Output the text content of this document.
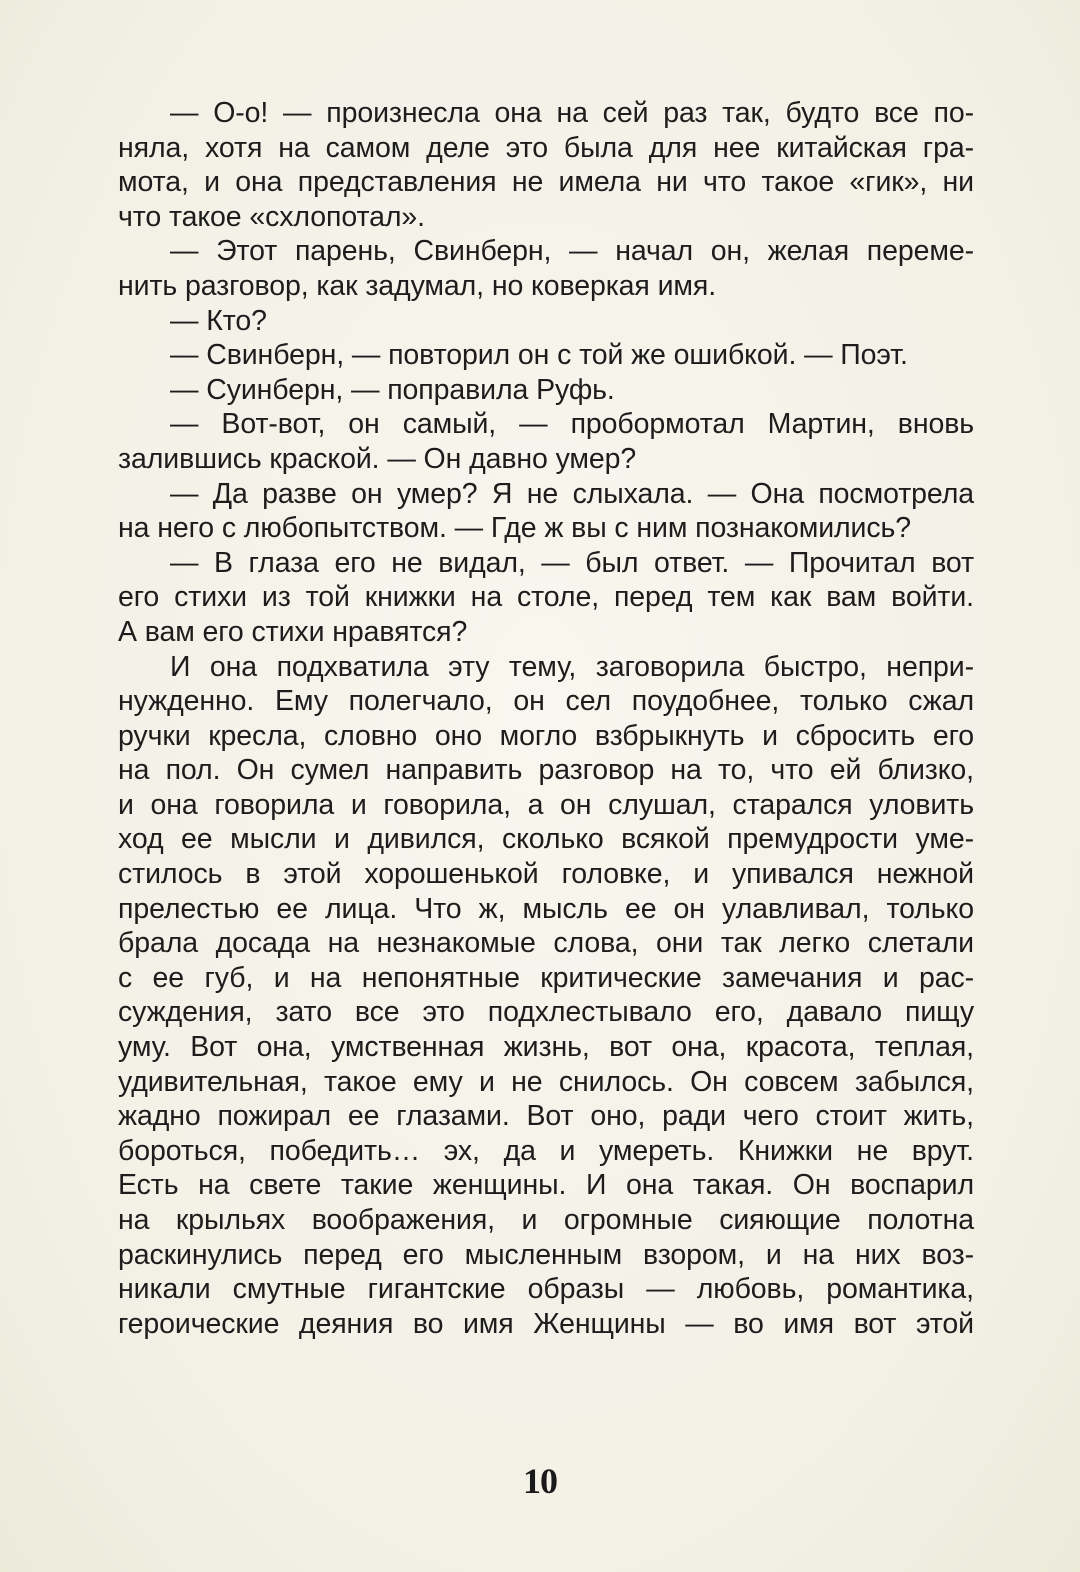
— О-о! — произнесла она на сей раз так, будто все по-
няла, хотя на самом деле это была для нее китайская гра-
мота, и она представления не имела ни что такое «гик», ни
что такое «схлопотал».
— Этот парень, Свинберн, — начал он, желая переме-
нить разговор, как задумал, но коверкая имя.
— Кто?
— Свинберн, — повторил он с той же ошибкой. — Поэт.
— Суинберн, — поправила Руфь.
— Вот-вот, он самый, — пробормотал Мартин, вновь
залившись краской. — Он давно умер?
— Да разве он умер? Я не слыхала. — Она посмотрела
на него с любопытством. — Где ж вы с ним познакомились?
— В глаза его не видал, — был ответ. — Прочитал вот
его стихи из той книжки на столе, перед тем как вам войти.
А вам его стихи нравятся?
И она подхватила эту тему, заговорила быстро, непри-
нужденно. Ему полегчало, он сел поудобнее, только сжал
ручки кресла, словно оно могло взбрыкнуть и сбросить его
на пол. Он сумел направить разговор на то, что ей близко,
и она говорила и говорила, а он слушал, старался уловить
ход ее мысли и дивился, сколько всякой премудрости уме-
стилось в этой хорошенькой головке, и упивался нежной
прелестью ее лица. Что ж, мысль ее он улавливал, только
брала досада на незнакомые слова, они так легко слетали
с ее губ, и на непонятные критические замечания и рас-
суждения, зато все это подхлестывало его, давало пищу
уму. Вот она, умственная жизнь, вот она, красота, теплая,
удивительная, такое ему и не снилось. Он совсем забылся,
жадно пожирал ее глазами. Вот оно, ради чего стоит жить,
бороться, победить… эх, да и умереть. Книжки не врут.
Есть на свете такие женщины. И она такая. Он воспарил
на крыльях воображения, и огромные сияющие полотна
раскинулись перед его мысленным взором, и на них воз-
никали смутные гигантские образы — любовь, романтика,
героические деяния во имя Женщины — во имя вот этой
10
